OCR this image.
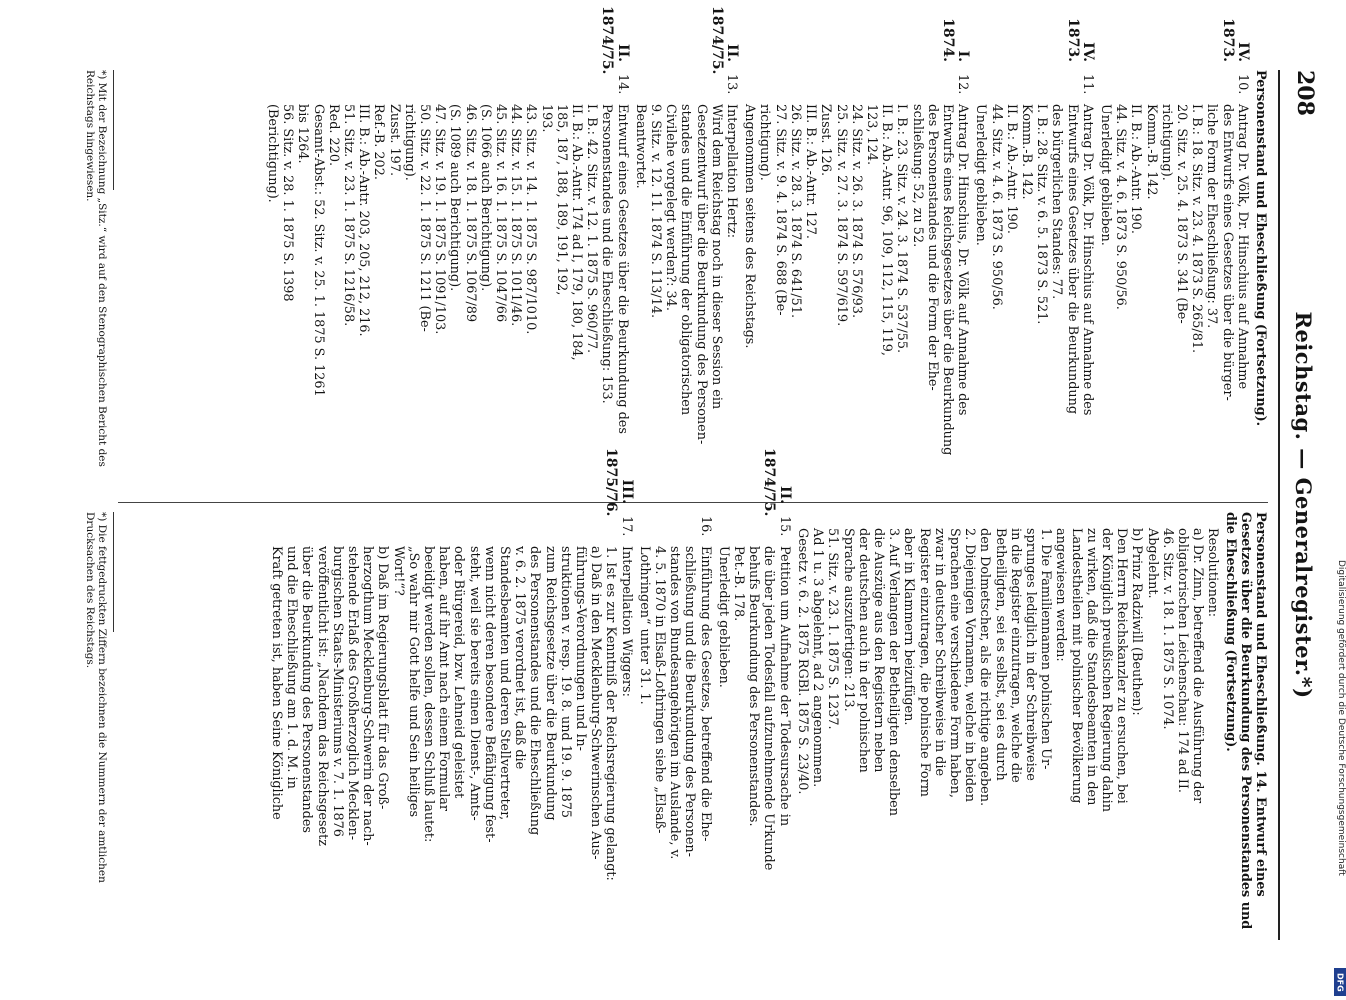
208
Reichstag. — Generalregister.*)
Personenstand und Eheschließung (Fortsetzung).
IV. 1873.
10.

Antrag Dr. Völk, Dr. Hinschius auf Annahme

des Entwurfs eines Gesetzes über die bürger-

liche Form der Eheschließung: 37.

I. B.: 18. Sitz. v. 23. 4. 1873 S. 265/81.

20. Sitz. v. 25. 4. 1873 S. 341 (Be-

richtigung).

Komm.-B. 142.

II. B.: Ab.-Antr. 190.

44. Sitz. v. 4. 6. 1873 S. 950/56.

Unerledigt geblieben.

IV. 1873.
11.

Antrag Dr. Völk, Dr. Hinschius auf Annahme des

Entwurfs eines Gesetzes über die Beurkundung

des bürgerlichen Standes: 77.

I. B.: 28. Sitz. v. 6. 5. 1873 S. 521.

Komm.-B. 142.

II. B.: Ab.-Antr. 190.

44. Sitz. v. 4. 6. 1873 S. 950/56.

Unerledigt geblieben.

I. 1874.
12.

Antrag Dr. Hinschius, Dr. Völk auf Annahme des

Entwurfs eines Reichsgesetzes über die Beurkundung

des Personenstandes und die Form der Ehe-

schließung: 52, zu 52.

I. B.: 23. Sitz. v. 24. 3. 1874 S. 537/55.

II. B.: Ab.-Antr. 96, 109, 112, 115, 119,

123, 124.

24. Sitz. v. 26. 3. 1874 S. 576/93.

25. Sitz. v. 27. 3. 1874 S. 597/619.

Zusst. 126.

III. B.: Ab.-Antr. 127.

26. Sitz. v. 28. 3. 1874 S. 641/51.

27. Sitz. v. 9. 4. 1874 S. 688 (Be-

richtigung).

Angenommen seitens des Reichstags.

II. 1874/75.
13.

Interpellation Hertz:

Wird dem Reichstag noch in dieser Session ein

Gesetzentwurf über die Beurkundung des Personen-

standes und die Einführung der obligatorischen

Civilehe vorgelegt werden?: 34.

9. Sitz. v. 12. 11. 1874 S. 113/14.

Beantwortet.

II. 1874/75.
14.

Entwurf eines Gesetzes über die Beurkundung des

Personenstandes und die Eheschließung: 153.

I. B.: 42. Sitz. v. 12. 1. 1875 S. 960/77.

II. B.: Ab.-Antr. 174 ad I, 179, 180, 184,

185, 187, 188, 189, 191, 192,

193.

43. Sitz. v. 14. 1. 1875 S. 987/1010.

44. Sitz. v. 15. 1. 1875 S. 1011/46.

45. Sitz. v. 16. 1. 1875 S. 1047/66

(S. 1066 auch Berichtigung).

46. Sitz. v. 18. 1. 1875 S. 1067/89

(S. 1089 auch Berichtigung).

47. Sitz. v. 19. 1. 1875 S. 1091/103.

50. Sitz. v. 22. 1. 1875 S. 1211 (Be-

richtigung).

Zusst. 197.

Ref.-B. 202.

III. B.: Ab.-Antr. 203, 205, 212, 216.

51. Sitz. v. 23. 1. 1875 S. 1216/58.

Red. 220.

Gesamt-Abst.: 52. Sitz. v. 25. 1. 1875 S. 1261

bis 1264.

56. Sitz. v. 28. 1. 1875 S. 1398

(Berichtigung).

Personenstand und Eheschließung. 14. Entwurf eines Gesetzes über die Beurkundung des Personenstandes und die Eheschließung (Fortsetzung).
Resolutionen:
a) Dr. Zinn, betreffend die Ausführung der
obligatorischen Leichenschau: 174 ad II.
46. Sitz. v. 18. 1. 1875 S. 1074.
Abgelehnt.
b) Prinz Radziwill (Beuthen):
Den Herrn Reichskanzler zu ersuchen, bei
der Königlich preußischen Regierung dahin
zu wirken, daß die Standesbeamten in den
Landestheilen mit polnischer Bevölkerung
angewiesen werden:
1. Die Familiennamen polnischen Ur-
sprunges lediglich in der Schreibweise
in die Register einzutragen, welche die
Betheiligten, sei es selbst, sei es durch
den Dolmetscher, als die richtige angeben.
2. Diejenigen Vornamen, welche in beiden
Sprachen eine verschiedene Form haben,
zwar in deutscher Schreibweise in die
Register einzutragen, die polnische Form
aber in Klammern beizufügen.
3. Auf Verlangen der Betheiligten denselben
die Auszüge aus den Registern neben
der deutschen auch in der polnischen
Sprache auszufertigen: 213.
51. Sitz. v. 23. 1. 1875 S. 1237.
Ad 1 u. 3 abgelehnt, ad 2 angenommen.
Gesetz v. 6. 2. 1875 RGBl. 1875 S. 23/40.
II. 1874/75.
15.

Petition um Aufnahme der Todesursache in

die über jeden Todesfall aufzunehmende Urkunde

behufs Beurkundung des Personenstandes.

Pet.-B. 178.

Unerledigt geblieben.

16.

Einführung des Gesetzes, betreffend die Ehe-

schließung und die Beurkundung des Personen-

standes von Bundesangehörigen im Auslande, v.

4. 5. 1870 in Elsaß-Lothringen siehe „Elsaß-

Lothringen“ unter 31. 1.

III. 1875/76.
17.

Interpellation Wiggers:

1. Ist es zur Kenntniß der Reichsregierung gelangt:

a) Daß in den Mecklenburg-Schwerinschen Aus-

führungs-Verordnungen und In-

struktionen v. resp. 19. 8. und 19. 9. 1875

zum Reichsgesetze über die Beurkundung

des Personenstandes und die Eheschließung

v. 6. 2. 1875 verordnet ist, daß die

Standesbeamten und deren Stellvertreter,

wenn nicht deren besondere Befähigung fest-

steht, weil sie bereits einen Dienst-, Amts-

oder Bürgereid, bzw. Lehneid geleistet

haben, auf ihr Amt nach einem Formular

beeidigt werden sollen, dessen Schluß lautet:

„So wahr mir Gott helfe und Sein heiliges

Wort!“?

b) Daß im Regierungsblatt für das Groß-

herzogthum Mecklenburg-Schwerin der nach-

stehende Erlaß des Großherzoglich Mecklen-

burgischen Staats-Ministeriums v. 7. 1. 1876

veröffentlicht ist: „Nachdem das Reichsgesetz

über die Beurkundung des Personenstandes

und die Eheschließung am 1. d. M. in

Kraft getreten ist, haben Seine Königliche

*) Mit der Bezeichnung „Sitz.“ wird auf den Stenographischen Bericht des Reichstags hingewiesen.
*) Die fettgedruckten Ziffern bezeichnen die Nummern der amtlichen Drucksachen des Reichstags.	Digitalisierung gefördert durch die Deutsche Forschungsgemeinschaft
DFG
